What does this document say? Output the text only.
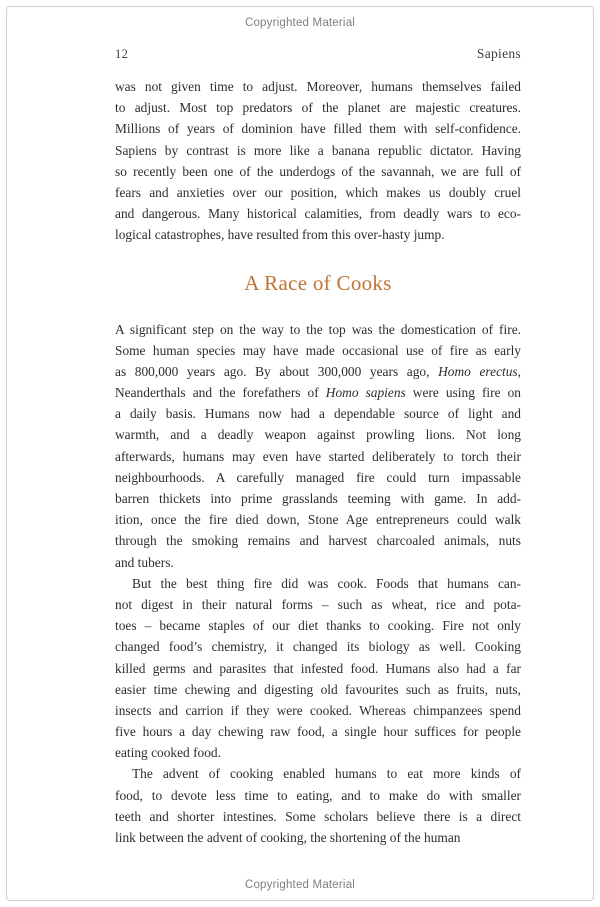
Copyrighted Material
12	Sapiens
was not given time to adjust. Moreover, humans themselves failed
to adjust. Most top predators of the planet are majestic creatures.
Millions of years of dominion have filled them with self-confidence.
Sapiens by contrast is more like a banana republic dictator. Having
so recently been one of the underdogs of the savannah, we are full of
fears and anxieties over our position, which makes us doubly cruel
and dangerous. Many historical calamities, from deadly wars to eco-
logical catastrophes, have resulted from this over-hasty jump.
A Race of Cooks
A significant step on the way to the top was the domestication of fire.
Some human species may have made occasional use of fire as early
as 800,000 years ago. By about 300,000 years ago, Homo erectus,
Neanderthals and the forefathers of Homo sapiens were using fire on
a daily basis. Humans now had a dependable source of light and
warmth, and a deadly weapon against prowling lions. Not long
afterwards, humans may even have started deliberately to torch their
neighbourhoods. A carefully managed fire could turn impassable
barren thickets into prime grasslands teeming with game. In add-
ition, once the fire died down, Stone Age entrepreneurs could walk
through the smoking remains and harvest charcoaled animals, nuts
and tubers.
But the best thing fire did was cook. Foods that humans can-
not digest in their natural forms – such as wheat, rice and pota-
toes – became staples of our diet thanks to cooking. Fire not only
changed food’s chemistry, it changed its biology as well. Cooking
killed germs and parasites that infested food. Humans also had a far
easier time chewing and digesting old favourites such as fruits, nuts,
insects and carrion if they were cooked. Whereas chimpanzees spend
five hours a day chewing raw food, a single hour suffices for people
eating cooked food.
The advent of cooking enabled humans to eat more kinds of
food, to devote less time to eating, and to make do with smaller
teeth and shorter intestines. Some scholars believe there is a direct
link between the advent of cooking, the shortening of the human
Copyrighted Material
